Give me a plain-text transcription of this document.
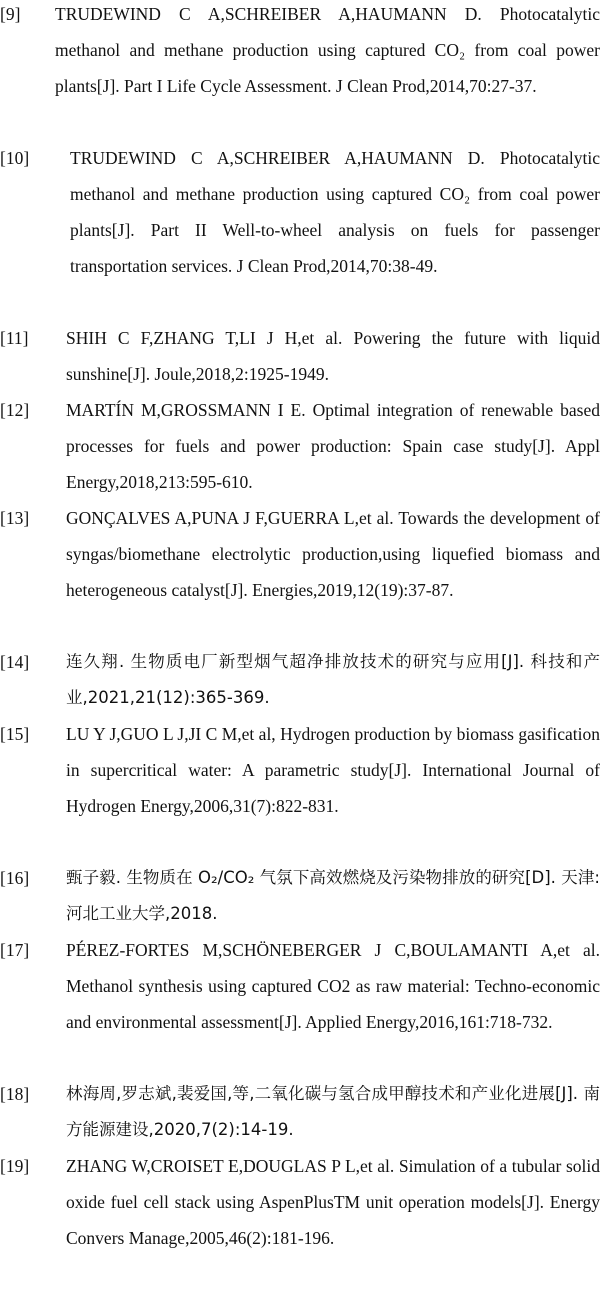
[9]	TRUDEWIND C A,SCHREIBER A,HAUMANN D. Photocatalytic methanol and methane production using captured CO₂ from coal power plants[J]. Part I Life Cycle Assessment. J Clean Prod,2014,70:27-37.
[10]	TRUDEWIND C A,SCHREIBER A,HAUMANN D. Photocatalytic methanol and methane production using captured CO₂ from coal power plants[J]. Part II Well-to-wheel analysis on fuels for passenger transportation services. J Clean Prod,2014,70:38-49.
[11]	SHIH C F,ZHANG T,LI J H,et al. Powering the future with liquid sunshine[J]. Joule,2018,2:1925-1949.
[12]	MARTÍN M,GROSSMANN I E. Optimal integration of renewable based processes for fuels and power production: Spain case study[J]. Appl Energy,2018,213:595-610.
[13]	GONÇALVES A,PUNA J F,GUERRA L,et al. Towards the development of syngas/biomethane electrolytic production,using liquefied biomass and heterogeneous catalyst[J]. Energies,2019,12(19):37-87.
[14]	连久翔. 生物质电厂新型烟气超净排放技术的研究与应用[J]. 科技和产业,2021,21(12):365-369.
[15]	LU Y J,GUO L J,JI C M,et al, Hydrogen production by biomass gasification in supercritical water: A parametric study[J]. International Journal of Hydrogen Energy,2006,31(7):822-831.
[16]	甄子毅. 生物质在 O₂/CO₂ 气氛下高效燃烧及污染物排放的研究[D]. 天津:河北工业大学,2018.
[17]	PÉREZ-FORTES M,SCHÖNEBERGER J C,BOULAMANTI A,et al. Methanol synthesis using captured CO2 as raw material: Techno-economic and environmental assessment[J]. Applied Energy,2016,161:718-732.
[18]	林海周,罗志斌,裴爱国,等,二氧化碳与氢合成甲醇技术和产业化进展[J]. 南方能源建设,2020,7(2):14-19.
[19]	ZHANG W,CROISET E,DOUGLAS P L,et al. Simulation of a tubular solid oxide fuel cell stack using AspenPlusTM unit operation models[J]. Energy Convers Manage,2005,46(2):181-196.
